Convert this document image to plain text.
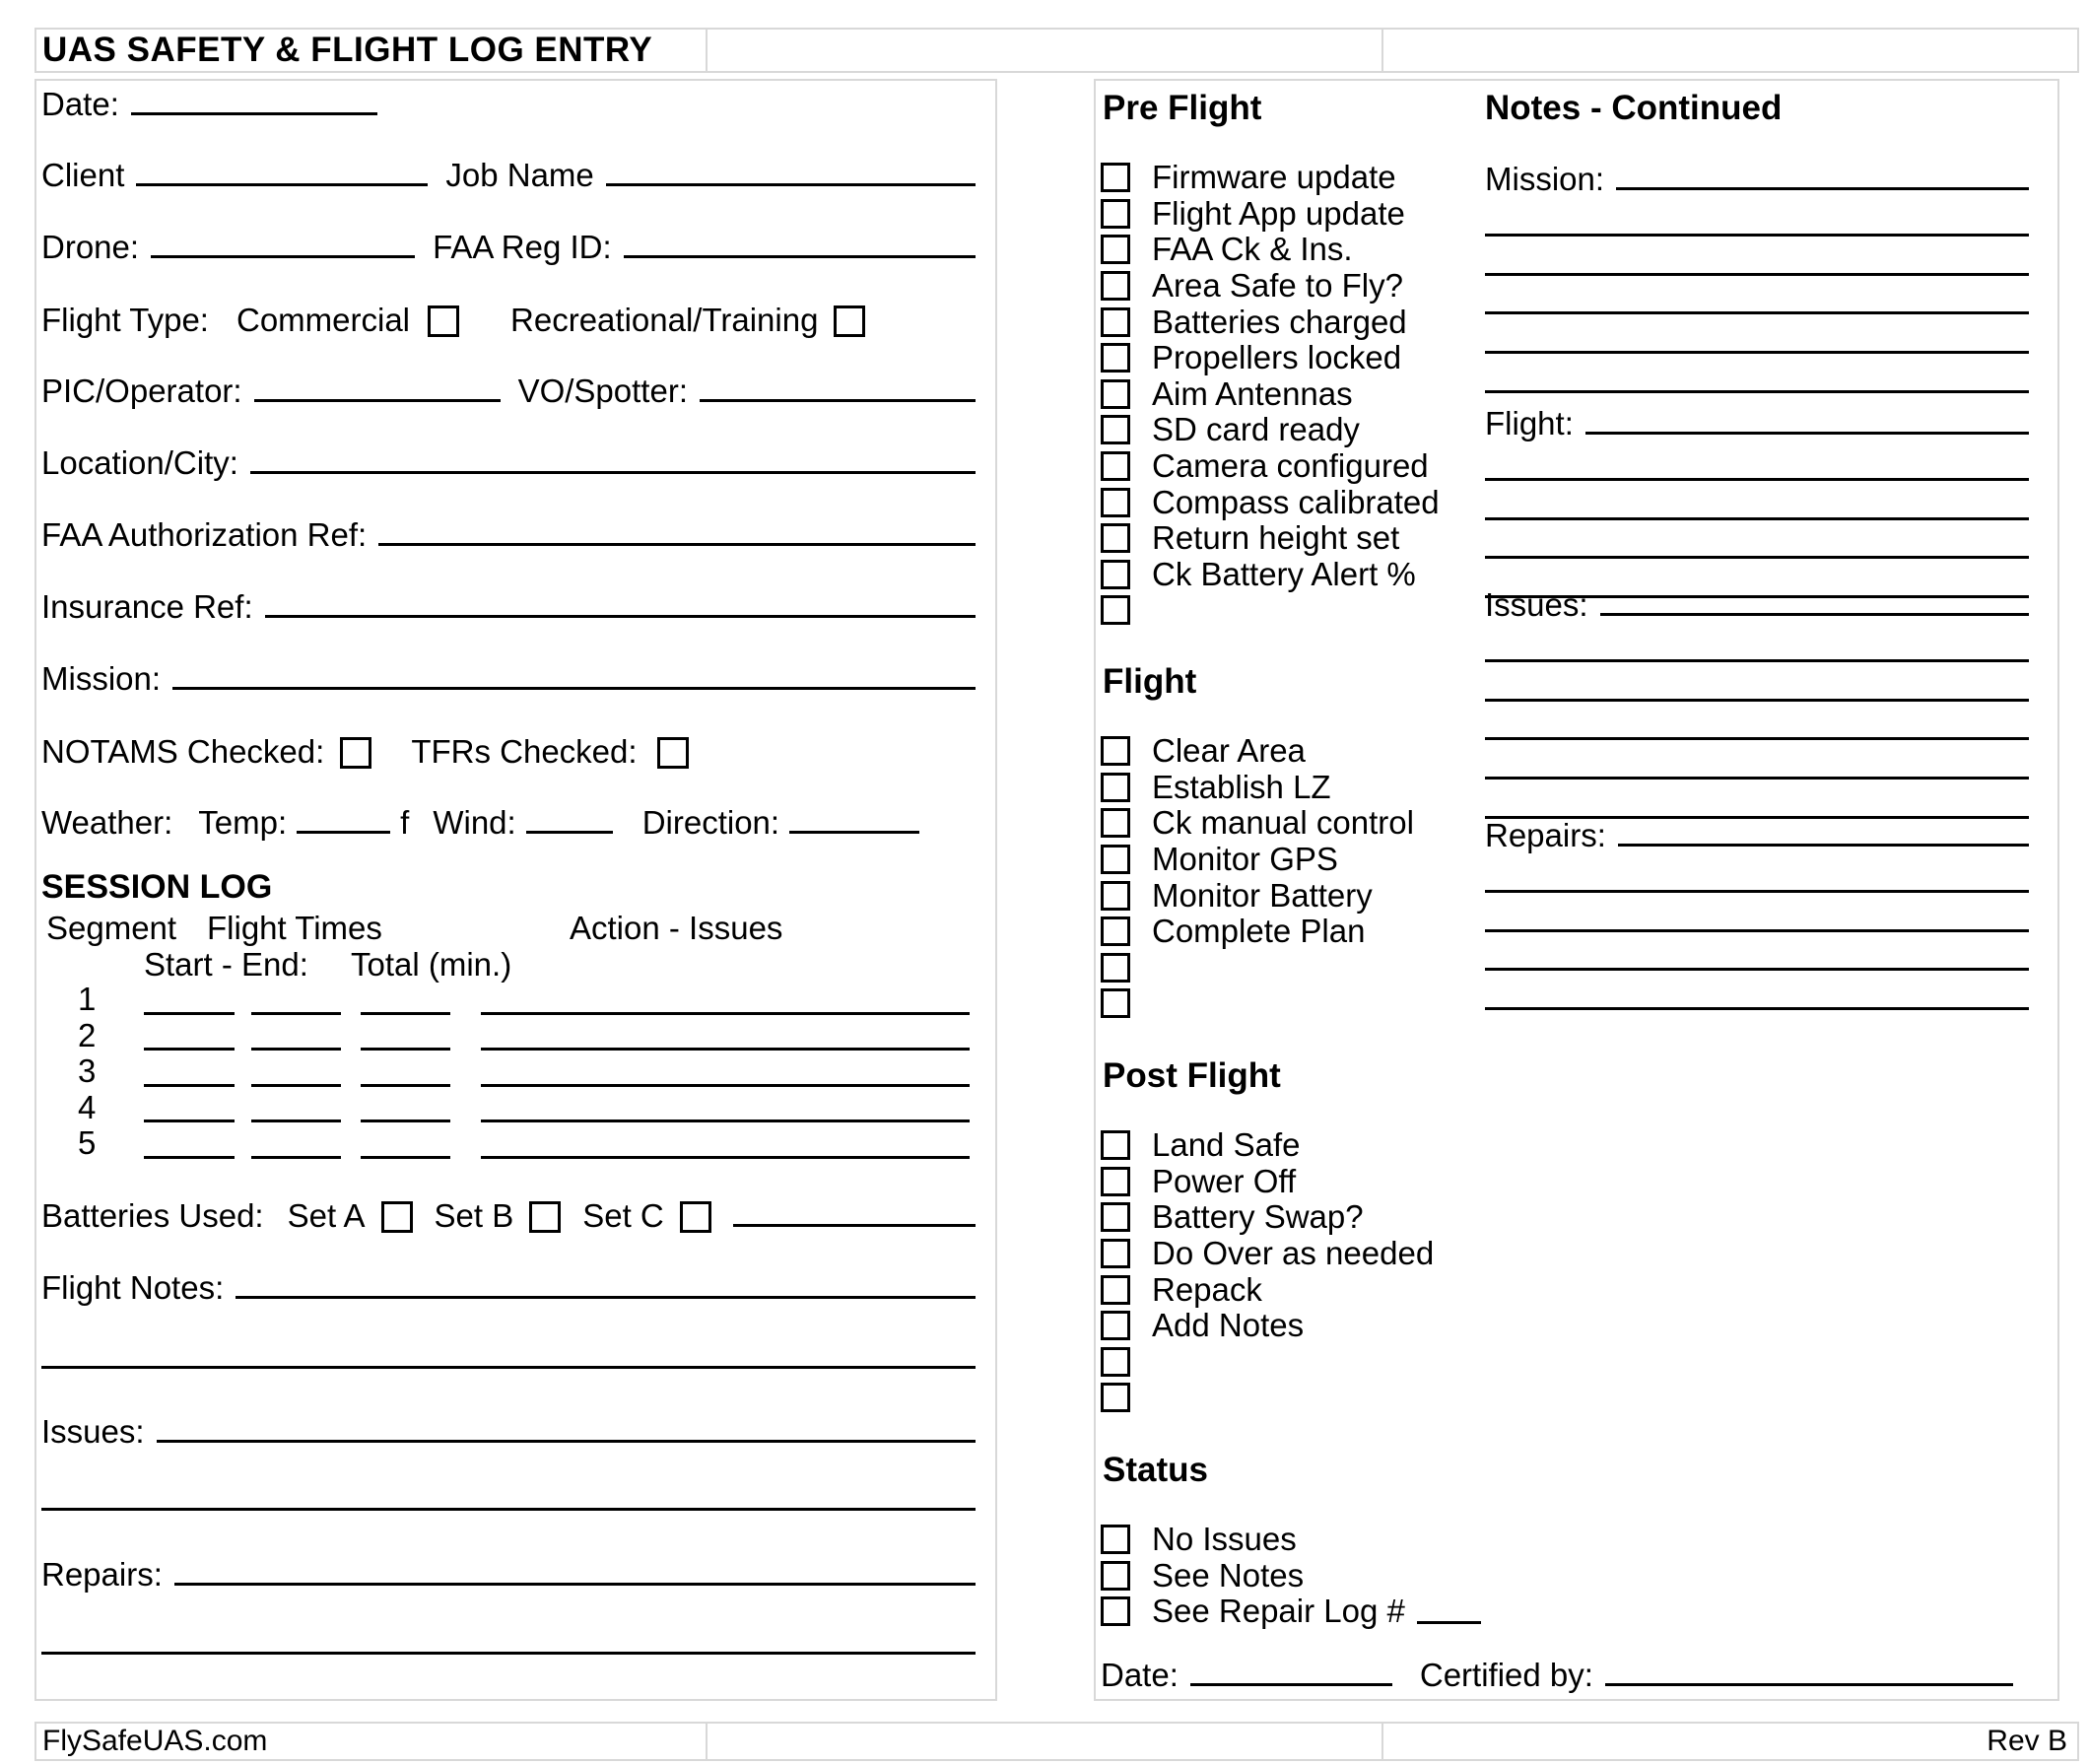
UAS SAFETY & FLIGHT LOG ENTRY
Date:
Client	Job Name
Drone:	FAA Reg ID:
Flight Type: Commercial	Recreational/Training
PIC/Operator:	VO/Spotter:
Location/City:
FAA Authorization Ref:
Insurance Ref:
Mission:
NOTAMS Checked:	TFRs Checked:
Weather: Temp:	f Wind:	Direction:
SESSION LOG
Segment Flight Times	Action - Issues
Start - End: Total (min.)
1
2
3
4
5
Batteries Used: Set A Set B Set C
Flight Notes:
Issues:
Repairs:
Pre Flight
Firmware update
Flight App update
FAA Ck & Ins.
Area Safe to Fly?
Batteries charged
Propellers locked
Aim Antennas
SD card ready
Camera configured
Compass calibrated
Return height set
Ck Battery Alert %
Flight
Clear Area
Establish LZ
Ck manual control
Monitor GPS
Monitor Battery
Complete Plan
Post Flight
Land Safe
Power Off
Battery Swap?
Do Over as needed
Repack
Add Notes
Status
No Issues
See Notes
See Repair Log #
Notes - Continued
Mission:
Flight:
Issues:
Repairs:
Date:	Certified by:
FlySafeUAS.com	Rev B
